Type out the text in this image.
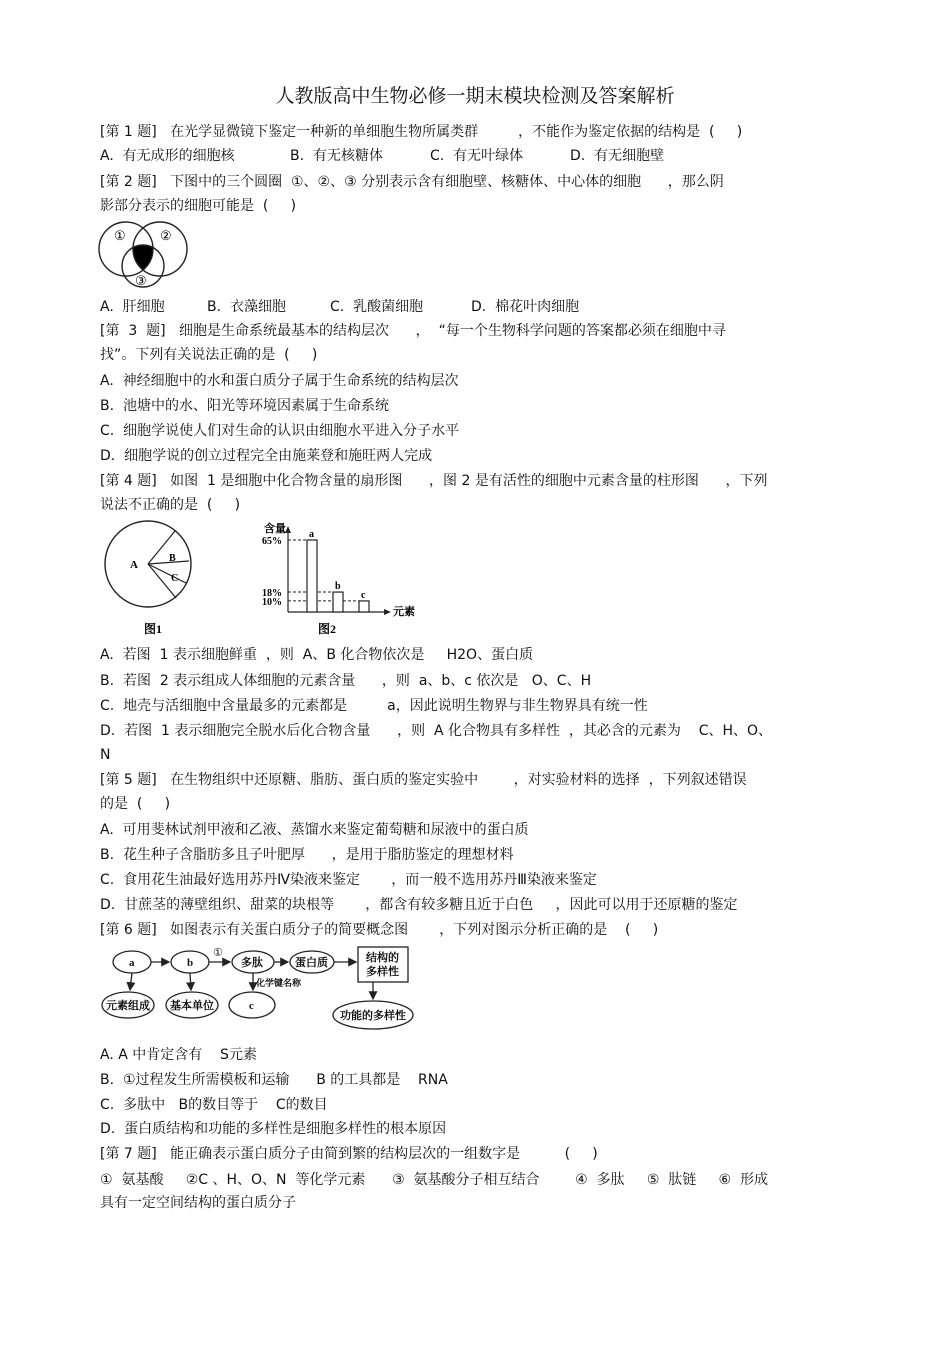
人教版高中生物必修一期末模块检测及答案解析
[第 1 题]   在光学显微镜下鉴定一种新的单细胞生物所属类群         ，不能作为鉴定依据的结构是  (     )
A.  有无成形的细胞核	B.  有无核糖体	C.  有无叶绿体	D.  有无细胞壁
[第 2 题]   下图中的三个圆圈  ①、②、③ 分别表示含有细胞壁、核糖体、中心体的细胞      ，那么阴
影部分表示的细胞可能是  (     )
①	②
③
A.  肝细胞	B.  衣藻细胞	C.  乳酸菌细胞	D.  棉花叶肉细胞
[第  3  题]   细胞是生命系统最基本的结构层次      ，  “每一个生物科学问题的答案都必须在细胞中寻
找”。下列有关说法正确的是  (     )
A.  神经细胞中的水和蛋白质分子属于生命系统的结构层次
B.  池塘中的水、阳光等环境因素属于生命系统
C.  细胞学说使人们对生命的认识由细胞水平进入分子水平
D.  细胞学说的创立过程完全由施莱登和施旺两人完成
[第 4 题]   如图  1 是细胞中化合物含量的扇形图      ，图 2 是有活性的细胞中元素含量的柱形图      ，下列
说法不正确的是  (     )
A
B
C
图1
含量
元素
65%
18%
10%
a
b
c
图2
A.  若图  1 表示细胞鲜重  ，则  A、B 化合物依次是     H2O、蛋白质
B.  若图  2 表示组成人体细胞的元素含量      ，则  a、b、c 依次是   O、C、H
C.  地壳与活细胞中含量最多的元素都是         a，因此说明生物界与非生物界具有统一性
D.  若图  1 表示细胞完全脱水后化合物含量      ，则  A 化合物具有多样性  ，其必含的元素为    C、H、O、
N
[第 5 题]   在生物组织中还原糖、脂肪、蛋白质的鉴定实验中        ，对实验材料的选择  ，下列叙述错误
的是  (     )
A.  可用斐林试剂甲液和乙液、蒸馏水来鉴定葡萄糖和尿液中的蛋白质
B.  花生种子含脂肪多且子叶肥厚      ，是用于脂肪鉴定的理想材料
C.  食用花生油最好选用苏丹Ⅳ染液来鉴定       ，而一般不选用苏丹Ⅲ染液来鉴定
D.  甘蔗茎的薄壁组织、甜菜的块根等       ，都含有较多糖且近于白色     ，因此可以用于还原糖的鉴定
[第 6 题]   如图表示有关蛋白质分子的简要概念图       ，下列对图示分析正确的是    (     )
a	b
①
多肽	蛋白质	结构的
多样性
功能的多样性
元素组成 基本单位	c
化学键名称
A. A 中肯定含有    S元素
B.  ①过程发生所需模板和运输      B 的工具都是    RNA
C.  多肽中   B的数目等于    C的数目
D.  蛋白质结构和功能的多样性是细胞多样性的根本原因
[第 7 题]   能正确表示蛋白质分子由简到繁的结构层次的一组数字是          (     )
①  氨基酸     ②C 、H、O、N  等化学元素      ③  氨基酸分子相互结合        ④  多肽     ⑤  肽链     ⑥  形成
具有一定空间结构的蛋白质分子
